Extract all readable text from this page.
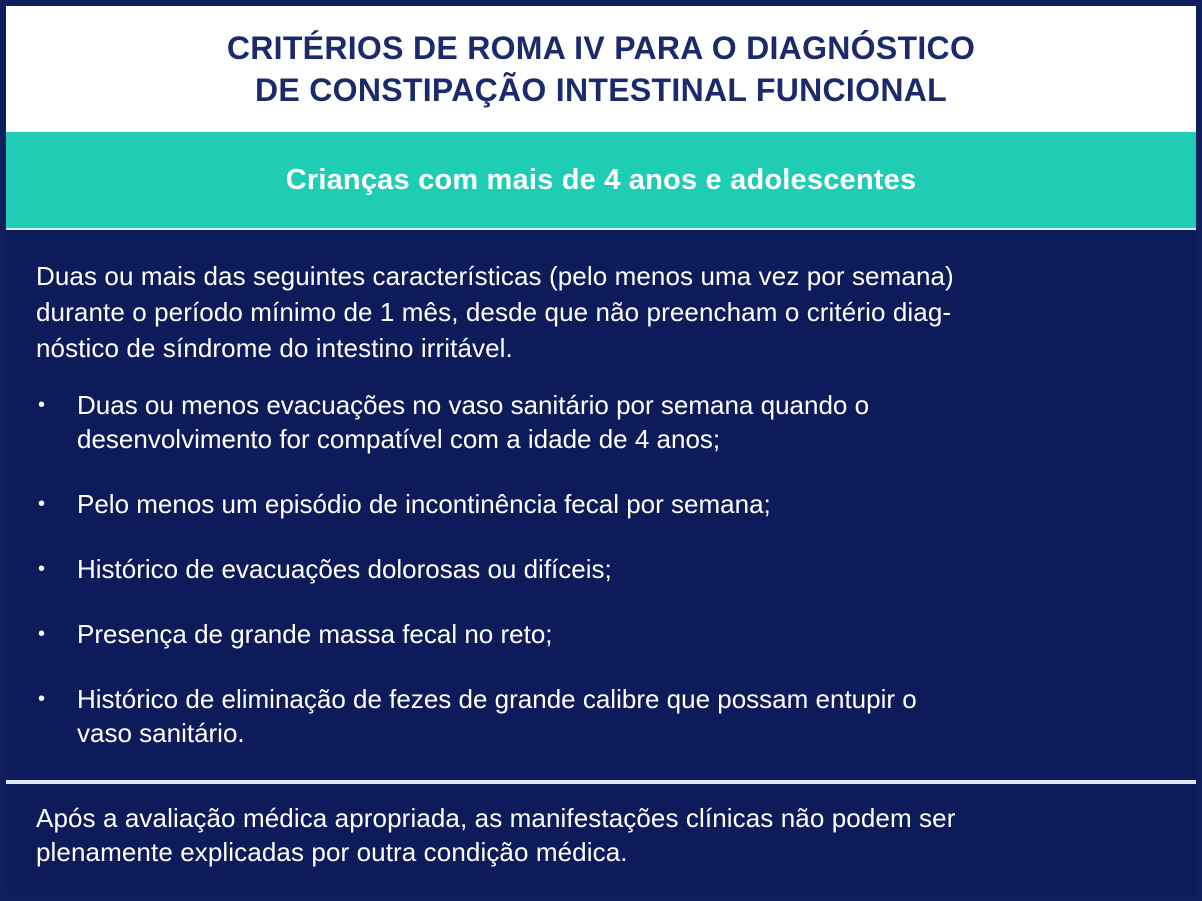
CRITÉRIOS DE ROMA IV PARA O DIAGNÓSTICO
DE CONSTIPAÇÃO INTESTINAL FUNCIONAL
Crianças com mais de 4 anos e adolescentes

Duas ou mais das seguintes características (pelo menos uma vez por semana)

durante o período mínimo de 1 mês, desde que não preencham o critério diag-

nóstico de síndrome do intestino irritável.

•	Duas ou menos evacuações no vaso sanitário por semana quando o
desenvolvimento for compatível com a idade de 4 anos;
•	Pelo menos um episódio de incontinência fecal por semana;
•	Histórico de evacuações dolorosas ou difíceis;
•	Presença de grande massa fecal no reto;
•	Histórico de eliminação de fezes de grande calibre que possam entupir o
vaso sanitário.

Após a avaliação médica apropriada, as manifestações clínicas não podem ser

plenamente explicadas por outra condição médica.
